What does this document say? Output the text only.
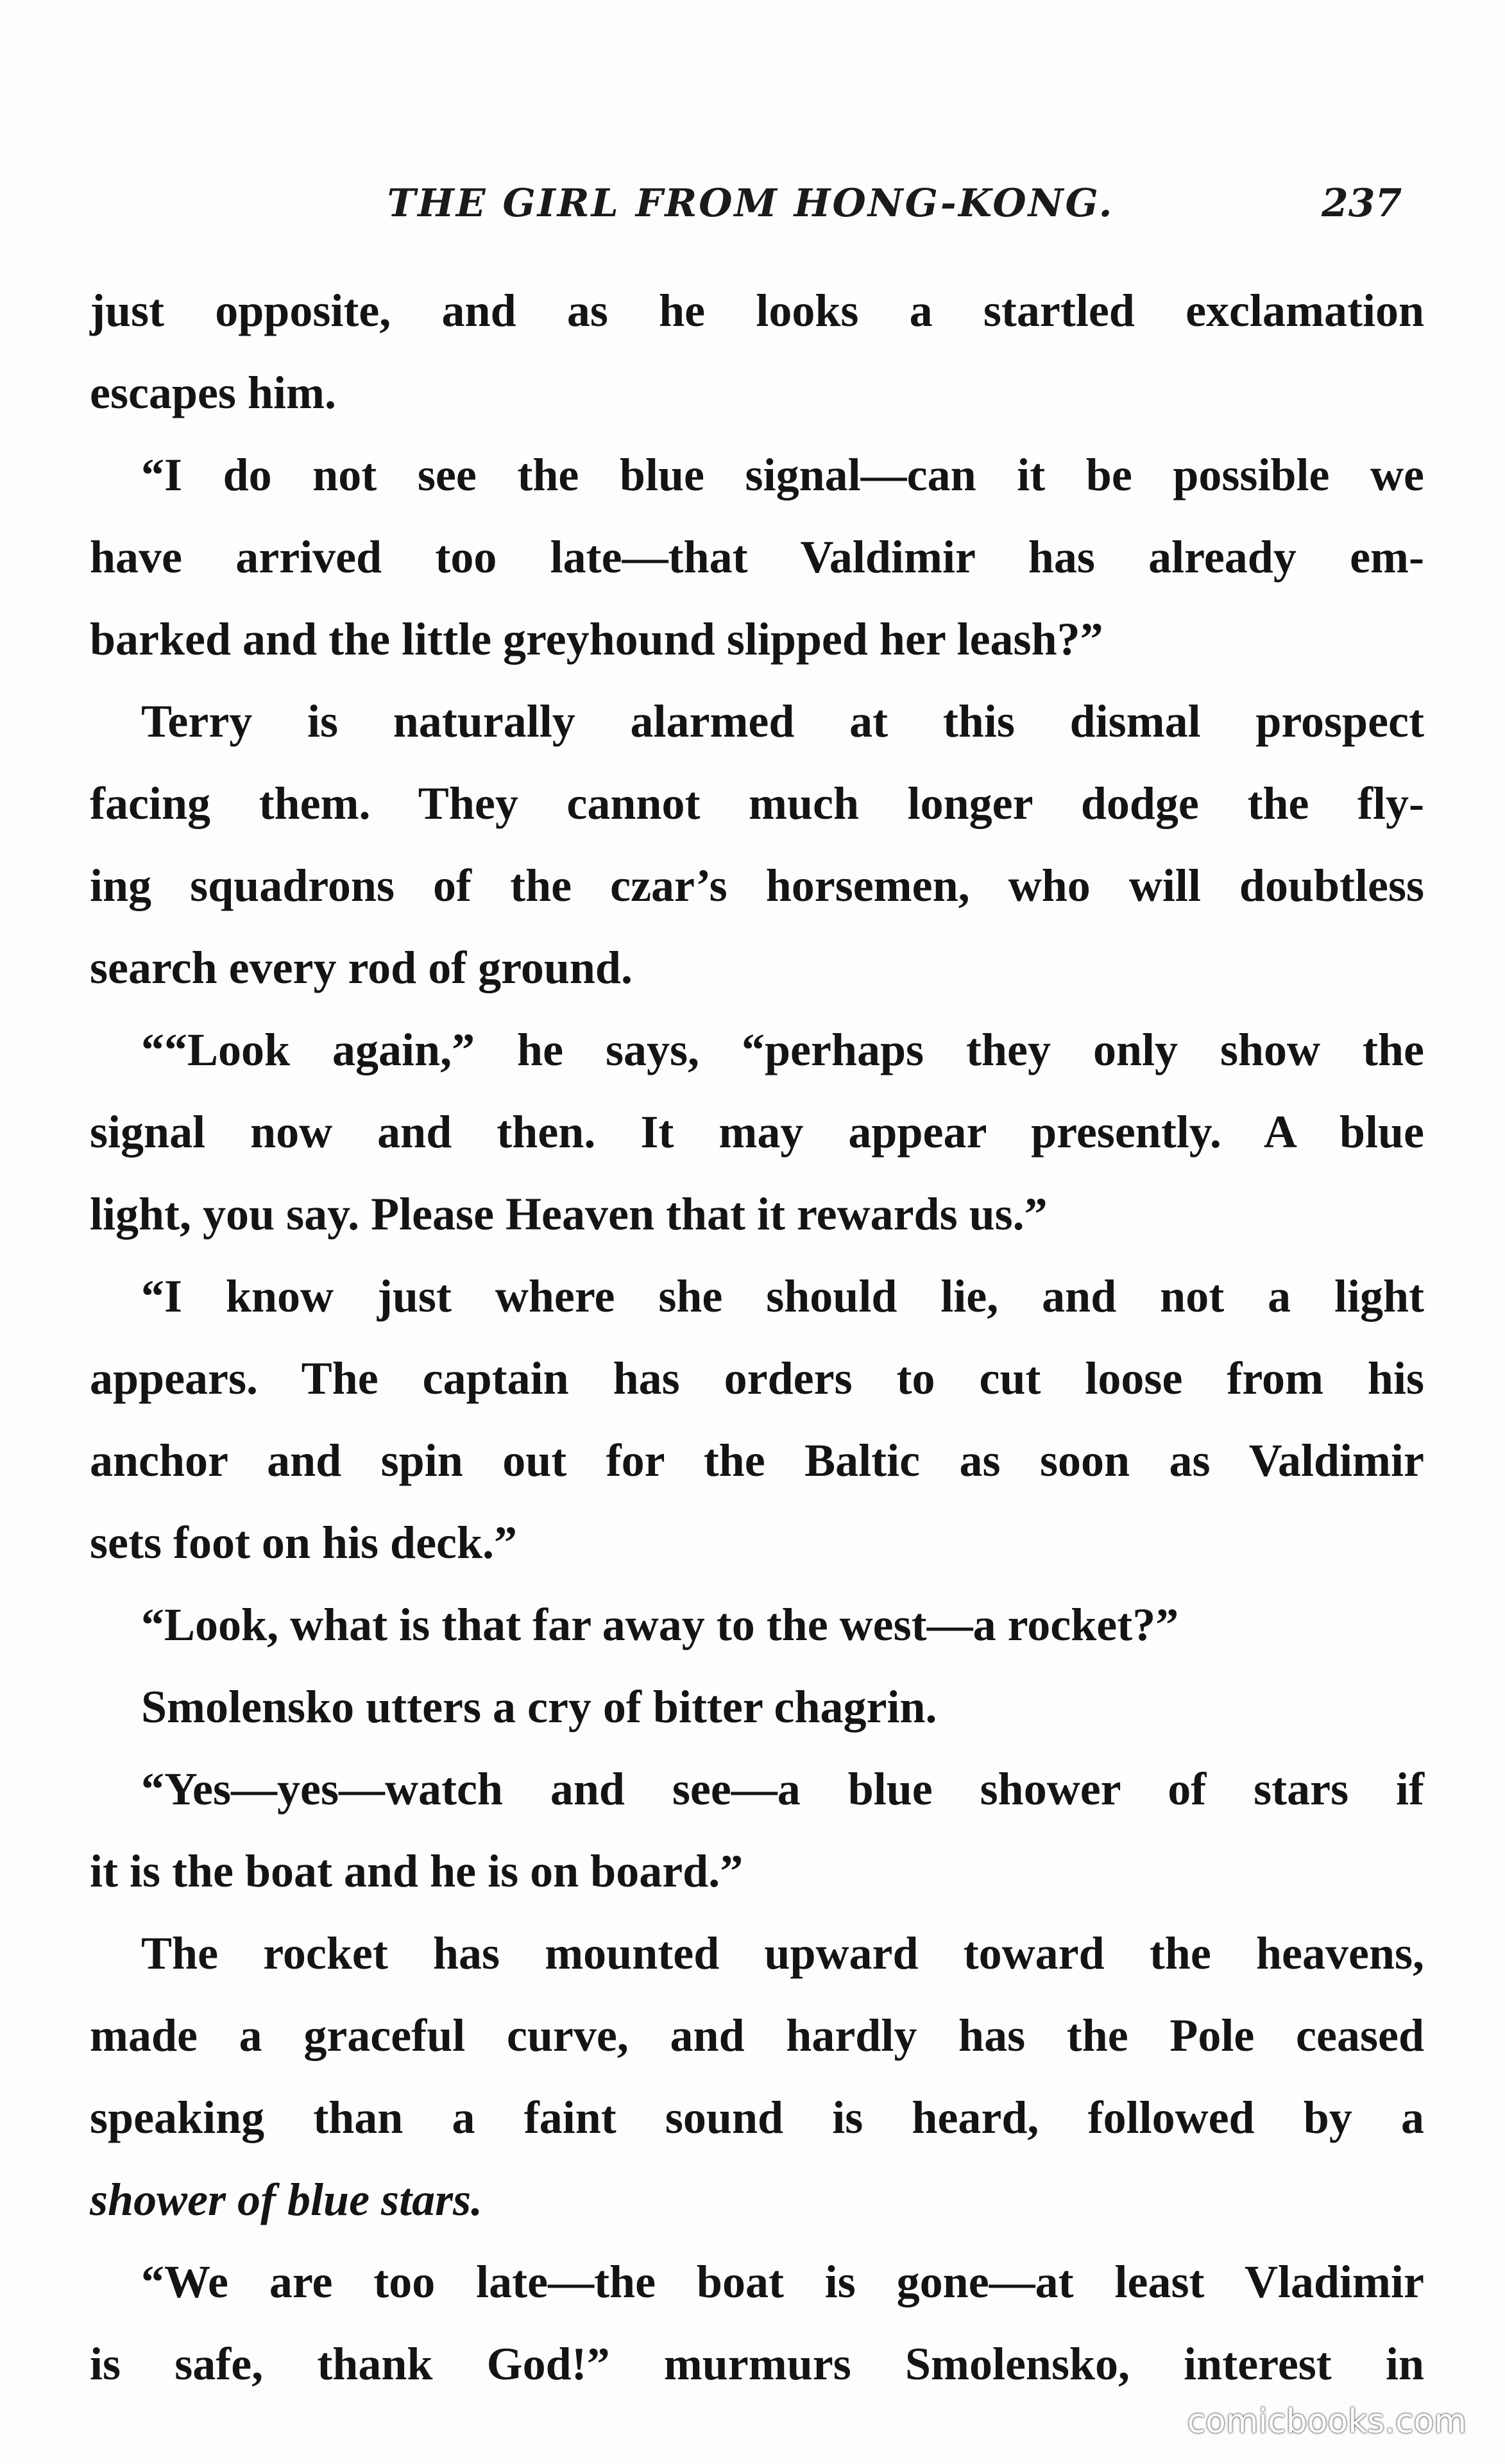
THE GIRL FROM HONG-KONG.	237
just opposite, and as he looks a startled exclamation
escapes him.
“I do not see the blue signal—can it be possible we
have arrived too late—that Valdimir has already em-
barked and the little greyhound slipped her leash?”
Terry is naturally alarmed at this dismal prospect
facing them. They cannot much longer dodge the fly-
ing squadrons of the czar’s horsemen, who will doubtless
search every rod of ground.
““Look again,” he says, “perhaps they only show the
signal now and then. It may appear presently. A blue
light, you say. Please Heaven that it rewards us.”
“I know just where she should lie, and not a light
appears. The captain has orders to cut loose from his
anchor and spin out for the Baltic as soon as Valdimir
sets foot on his deck.”
“Look, what is that far away to the west—a rocket?”
Smolensko utters a cry of bitter chagrin.
“Yes—yes—watch and see—a blue shower of stars if
it is the boat and he is on board.”
The rocket has mounted upward toward the heavens,
made a graceful curve, and hardly has the Pole ceased
speaking than a faint sound is heard, followed by a
shower of blue stars.
“We are too late—the boat is gone—at least Vladimir
is safe, thank God!” murmurs Smolensko, interest in
comicbooks.com
